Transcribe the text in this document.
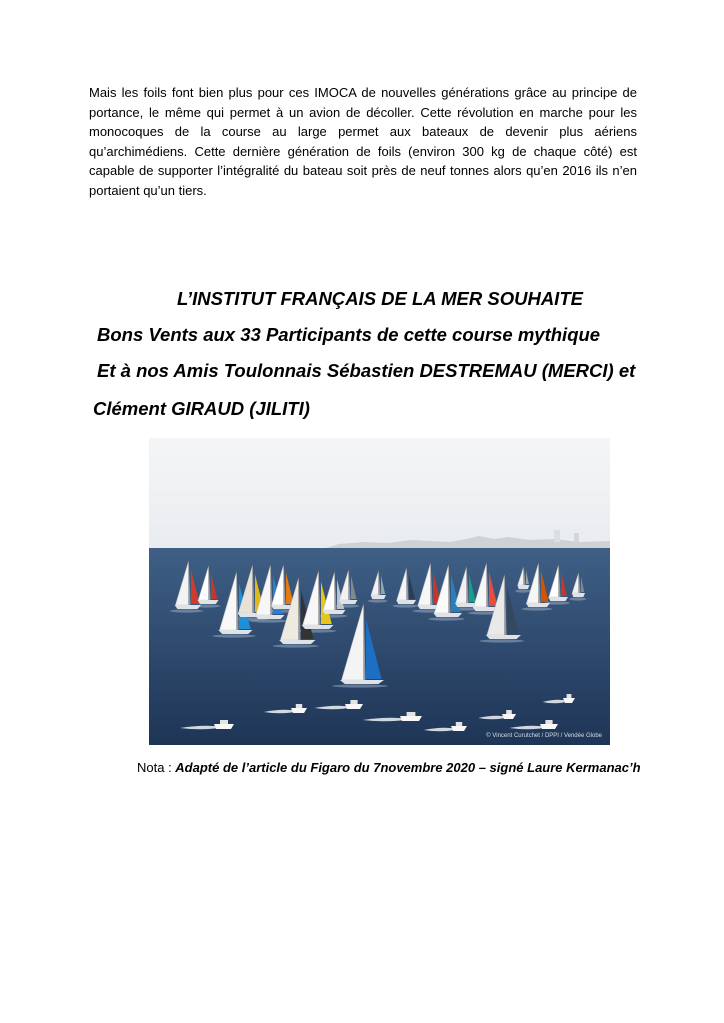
Mais les foils font bien plus pour ces IMOCA de nouvelles générations grâce au principe de portance, le même qui permet à un avion de décoller. Cette révolution en marche pour les monocoques de la course au large permet aux bateaux de devenir plus aériens qu’archimédiens. Cette dernière génération de foils (environ 300 kg de chaque côté) est capable de supporter l’intégralité du bateau soit près de neuf tonnes alors qu’en 2016 ils n’en portaient qu’un tiers.

L’INSTITUT FRANÇAIS DE LA MER SOUHAITE

Bons Vents aux 33 Participants de cette course mythique

Et à nos Amis Toulonnais Sébastien DESTREMAU (MERCI) et

Clément GIRAUD (JILITI)

© Vincent Curutchet / DPPI / Vendée Globe

Nota : Adapté de l’article du Figaro du 7novembre 2020 – signé Laure Kermanac’h
